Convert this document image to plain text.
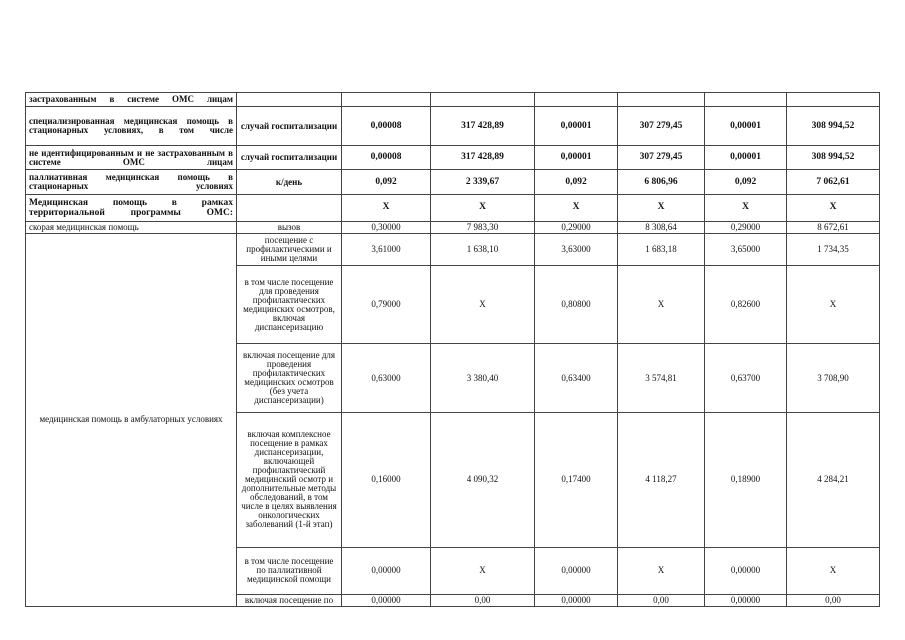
застрахованным в системе ОМС лицам							
специализированная медицинская помощь в стационарных условиях, в том числе	случай госпитализации	0,00008	317 428,89	0,00001	307 279,45	0,00001	308 994,52
не идентифицированным и не застрахованным в системе ОМС лицам	случай госпитализации	0,00008	317 428,89	0,00001	307 279,45	0,00001	308 994,52
паллиативная медицинская помощь в стационарных условиях	к/день	0,092	2 339,67	0,092	6 806,96	0,092	7 062,61
Медицинская помощь в рамках территориальной программы ОМС:		X	X	X	X	X	X
скорая медицинская помощь	вызов	0,30000	7 983,30	0,29000	8 308,64	0,29000	8 672,61
медицинская помощь в амбулаторных условиях	посещение с профилактическими и иными целями	3,61000	1 638,10	3,63000	1 683,18	3,65000	1 734,35
	в том числе посещение для проведения профилактических медицинских осмотров, включая диспансеризацию	0,79000	X	0,80800	X	0,82600	X
	включая посещение для проведения профилактических медицинских осмотров (без учета диспансеризации)	0,63000	3 380,40	0,63400	3 574,81	0,63700	3 708,90
	включая комплексное посещение в рамках диспансеризации, включающей профилактический медицинский осмотр и дополнительные методы обследований, в том числе в целях выявления онкологических заболеваний (1-й этап)	0,16000	4 090,32	0,17400	4 118,27	0,18900	4 284,21
	в том числе посещение по паллиативной медицинской помощи	0,00000	X	0,00000	X	0,00000	X
	включая посещение по	0,00000	0,00	0,00000	0,00	0,00000	0,00
